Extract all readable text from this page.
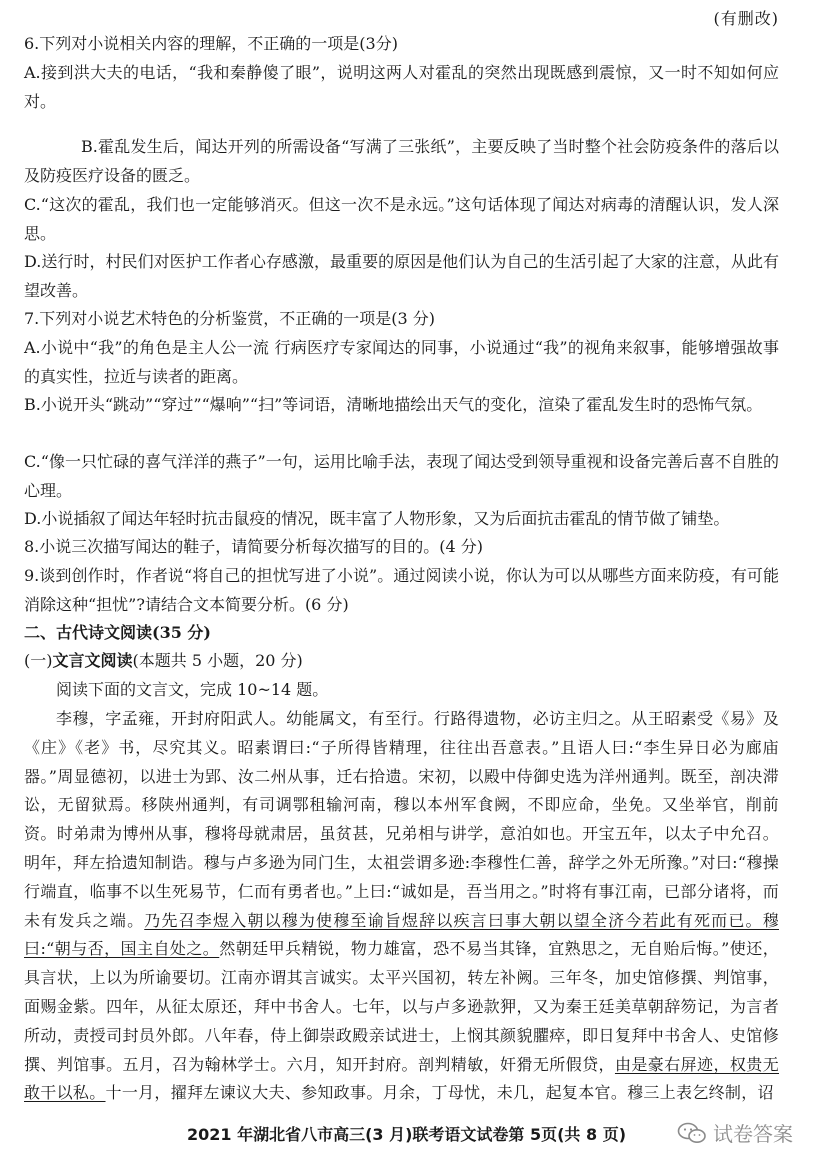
(有删改)
6.下列对小说相关内容的理解，不正确的一项是(3分)
A.接到洪大夫的电话，“我和秦静傻了眼”，说明这两人对霍乱的突然出现既感到震惊，又一时不知如何应对。
B.霍乱发生后，闻达开列的所需设备“写满了三张纸”，主要反映了当时整个社会防疫条件的落后以及防疫医疗设备的匮乏。
C.“这次的霍乱，我们也一定能够消灭。但这一次不是永远。”这句话体现了闻达对病毒的清醒认识，发人深思。
D.送行时，村民们对医护工作者心存感激，最重要的原因是他们认为自己的生活引起了大家的注意，从此有望改善。
7.下列对小说艺术特色的分析鉴赏，不正确的一项是(3 分)
A.小说中“我”的角色是主人公一流 行病医疗专家闻达的同事，小说通过“我”的视角来叙事，能够增强故事的真实性，拉近与读者的距离。
B.小说开头“跳动”“穿过”“爆响”“扫”等词语，清晰地描绘出天气的变化，渲染了霍乱发生时的恐怖气氛。
C.“像一只忙碌的喜气洋洋的燕子”一句，运用比喻手法，表现了闻达受到领导重视和设备完善后喜不自胜的心理。
D.小说插叙了闻达年轻时抗击鼠疫的情况，既丰富了人物形象，又为后面抗击霍乱的情节做了铺垫。
8.小说三次描写闻达的鞋子，请简要分析每次描写的目的。(4 分)
9.谈到创作时，作者说“将自己的担忧写进了小说”。通过阅读小说，你认为可以从哪些方面来防疫，有可能消除这种“担忧”?请结合文本简要分析。(6 分)
二、古代诗文阅读(35 分)
(一)文言文阅读(本题共 5 小题，20 分)
阅读下面的文言文，完成 10~14 题。
李穆，字孟雍，开封府阳武人。幼能属文，有至行。行路得遗物，必访主归之。从王昭素受《易》及《庄》《老》书，尽究其义。昭素谓曰:“子所得皆精理，往往出吾意表。”且语人曰:“李生异日必为廊庙器。”周显德初，以进士为郢、汝二州从事，迁右拾遗。宋初，以殿中侍御史选为洋州通判。既至，剖决滞讼，无留狱焉。移陕州通判，有司调鄂租输河南，穆以本州军食阙，不即应命，坐免。又坐举官，削前资。时弟肃为博州从事，穆将母就肃居，虽贫甚，兄弟相与讲学，意泊如也。开宝五年，以太子中允召。明年，拜左拾遗知制诰。穆与卢多逊为同门生，太祖尝谓多逊:李穆性仁善，辞学之外无所豫。”对曰:“穆操行端直，临事不以生死易节，仁而有勇者也。”上曰:“诚如是，吾当用之。”时将有事江南，已部分诸将，而未有发兵之端。乃先召李煜入朝以穆为使穆至谕旨煜辞以疾言曰事大朝以望全济今若此有死而已。穆曰:“朝与否，国主自处之。然朝廷甲兵精锐，物力雄富，恐不易当其锋，宜熟思之，无自贻后悔。”使还，具言状，上以为所谕要切。江南亦谓其言诚实。太平兴国初，转左补阙。三年冬，加史馆修撰、判馆事，面赐金紫。四年，从征太原还，拜中书舍人。七年，以与卢多逊款狎，又为秦王廷美草朝辞笏记，为言者所动，责授司封员外郎。八年春，侍上御崇政殿亲试进士，上悯其颜貌臞瘁，即日复拜中书舍人、史馆修撰、判馆事。五月，召为翰林学士。六月，知开封府。剖判精敏，奸猾无所假贷，由是豪右屏迹，权贵无敢干以私。十一月，擢拜左谏议大夫、参知政事。月余，丁母忧，未几，起复本官。穆三上表乞终制，诏
2021 年湖北省八市高三(3 月)联考语文试卷第 5页(共 8 页)	试卷答案
